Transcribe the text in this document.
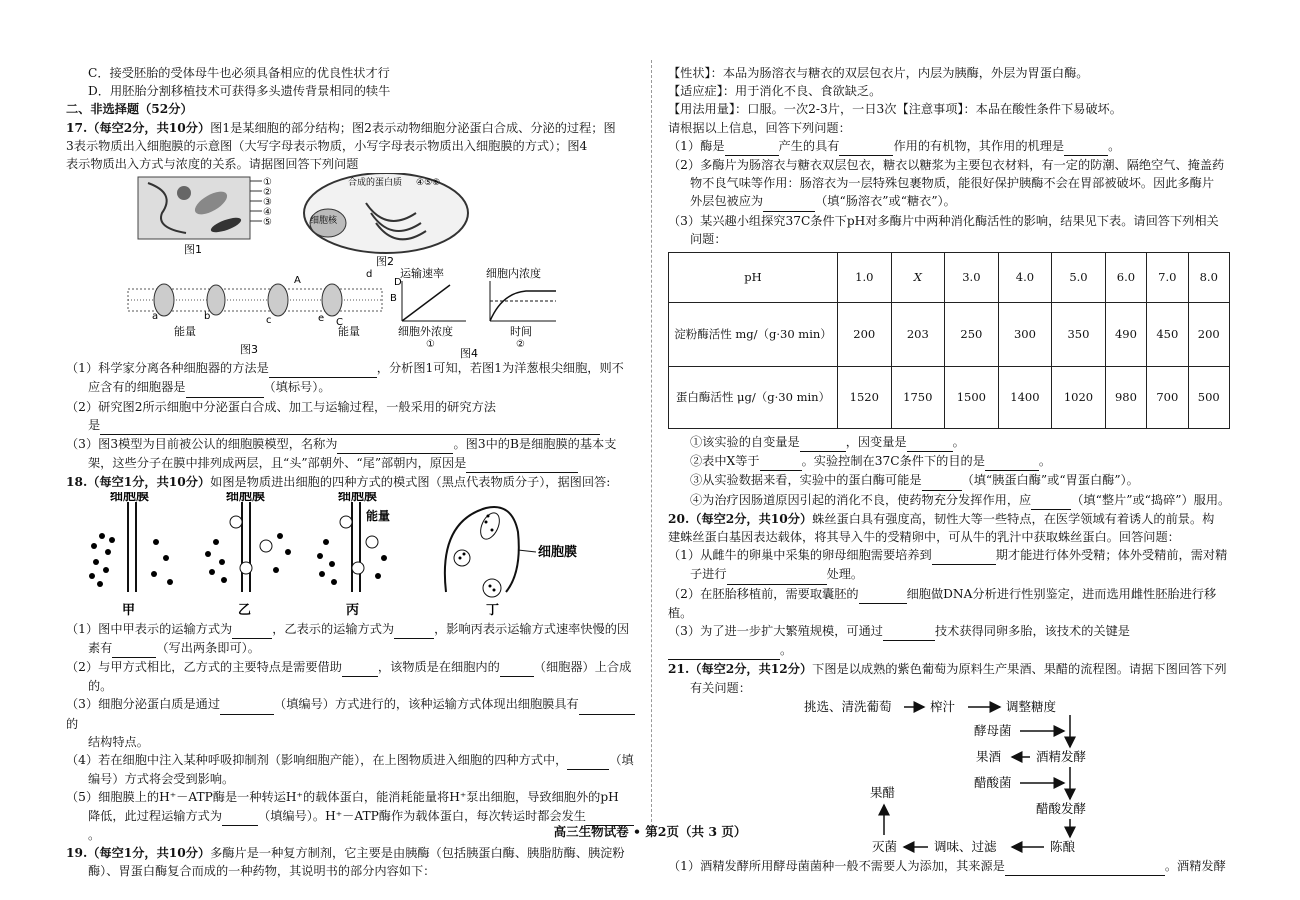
C．接受胚胎的受体母牛也必须具备相应的优良性状才行

D．用胚胎分割移植技术可获得多头遗传背景相同的犊牛

二、非选择题（52分）

17.（每空2分，共10分）图1是某细胞的部分结构；图2表示动物细胞分泌蛋白合成、分泌的过程；图

3表示物质出入细胞膜的示意图（大写字母表示物质，小写字母表示物质出入细胞膜的方式）；图4

表示物质出入方式与浓度的关系。请据图回答下列问题

①
②
③
④
⑤
图1
合成的蛋白质
细胞核
④⑤⑥
图2
A	D
B
C
a	b	c
d
e
能量	能量
图3
运输速率	细胞内浓度
细胞外浓度	时间
①	②
图4

（1）科学家分离各种细胞器的方法是	，分析图1可知，若图1为洋葱根尖细胞，则不

应含有的细胞器是	（填标号）。

（2）研究图2所示细胞中分泌蛋白合成、加工与运输过程，一般采用的研究方法

是

（3）图3模型为目前被公认的细胞膜模型，名称为	。图3中的B是细胞膜的基本支

架，这些分子在膜中排列成两层，且“头”部朝外、“尾”部朝内，原因是

18.（每空1分，共10分）如图是物质进出细胞的四种方式的模式图（黑点代表物质分子），据图回答:

细胞膜
甲
细胞膜
乙
细胞膜
能量
丙
细胞膜
丁

（1）图中甲表示的运输方式为	，乙表示的运输方式为	，影响丙表示运输方式速率快慢的因

素有	（写出两条即可）。

（2）与甲方式相比，乙方式的主要特点是需要借助	，该物质是在细胞内的	（细胞器）上合成

的。

（3）细胞分泌蛋白质是通过	（填编号）方式进行的，该种运输方式体现出细胞膜具有 的

结构特点。

（4）若在细胞中注入某种呼吸抑制剂（影响细胞产能），在上图物质进入细胞的四种方式中，	（填

编号）方式将会受到影响。

（5）细胞膜上的H⁺－ATP酶是一种转运H⁺的载体蛋白，能消耗能量将H⁺泵出细胞，导致细胞外的pH

降低，此过程运输方式为	（填编号）。H⁺－ATP酶作为载体蛋白，每次转运时都会发生 。

19.（每空1分，共10分）多酶片是一种复方制剂，它主要是由胰酶（包括胰蛋白酶、胰脂肪酶、胰淀粉

酶）、胃蛋白酶复合而成的一种药物，其说明书的部分内容如下：

【性状】：本品为肠溶衣与糖衣的双层包衣片，内层为胰酶，外层为胃蛋白酶。

【适应症】：用于消化不良、食欲缺乏。

【用法用量】：口服。一次2-3片，一日3次【注意事项】：本品在酸性条件下易破坏。

请根据以上信息，回答下列问题：

（1）酶是	产生的具有	作用的有机物，其作用的机理是	。

（2）多酶片为肠溶衣与糖衣双层包衣，糖衣以糖浆为主要包衣材料，有一定的防潮、隔绝空气、掩盖药

物不良气味等作用：肠溶衣为一层特殊包裹物质，能很好保护胰酶不会在胃部被破坏。因此多酶片

外层包被应为	（填“肠溶衣”或“糖衣”）。

（3）某兴趣小组探究37C条件下pH对多酶片中两种消化酶活性的影响，结果见下表。请回答下列相关

问题：

pH	1.0	X	3.0	4.0	5.0	6.0	7.0	8.0
淀粉酶活性 mg/（g·30 min）	200	203	250	300	350	490	450	200
蛋白酶活性 μg/（g·30 min）	1520	1750	1500	1400	1020	980	700	500

①该实验的自变量是	，因变量是	。

②表中X等于	。实验控制在37C条件下的目的是	。

③从实验数据来看，实验中的蛋白酶可能是	（填“胰蛋白酶”或“胃蛋白酶”）。

④为治疗因肠道原因引起的消化不良，使药物充分发挥作用，应	（填“整片”或“捣碎”）服用。

20.（每空2分，共10分）蛛丝蛋白具有强度高，韧性大等一些特点，在医学领域有着诱人的前景。构

建蛛丝蛋白基因表达载体，将其导入牛的受精卵中，可从牛的乳汁中获取蛛丝蛋白。回答问题：

（1）从雌牛的卵巢中采集的卵母细胞需要培养到	期才能进行体外受精；体外受精前，需对精

子进行	处理。

（2）在胚胎移植前，需要取囊胚的	细胞做DNA分析进行性别鉴定，进而选用雌性胚胎进行移植。

（3）为了进一步扩大繁殖规模，可通过	技术获得同卵多胎，该技术的关键是 。

21.（每空2分，共12分）下图是以成熟的紫色葡萄为原料生产果酒、果醋的流程图。请据下图回答下列

有关问题：

挑选、清洗葡萄	榨汁	调整糖度
酵母菌
酒精发酵
果酒
醋酸菌
醋酸发酵
陈酿
调味、过滤
灭菌
果醋

（1）酒精发酵所用酵母菌菌种一般不需要人为添加，其来源是	。酒精发酵

高三生物试卷 • 第2页（共 3 页）
